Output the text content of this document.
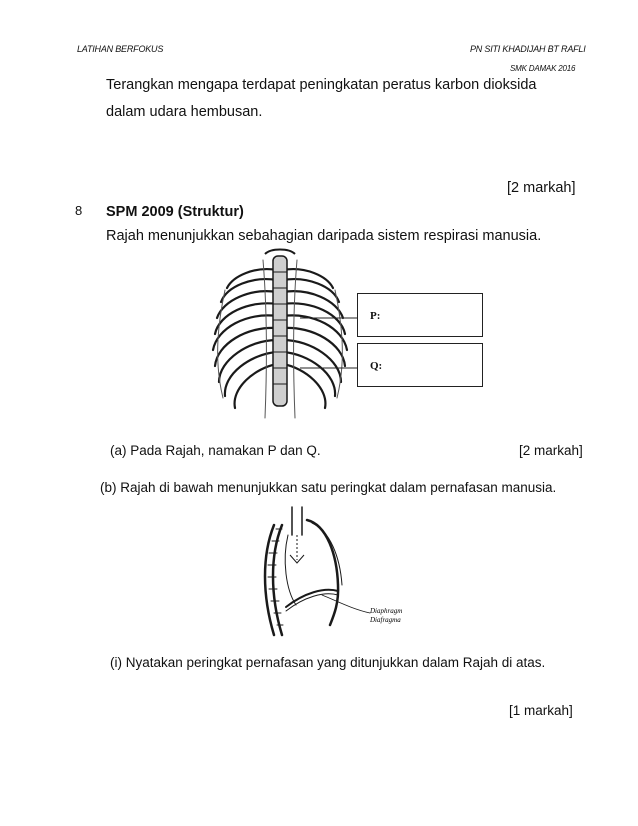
LATIHAN BERFOKUS	PN SITI KHADIJAH BT RAFLI
SMK DAMAK 2016
Terangkan mengapa terdapat peningkatan peratus karbon dioksida
dalam udara hembusan.
[2 markah]
8 SPM 2009 (Struktur)
Rajah menunjukkan sebahagian daripada sistem respirasi manusia.
P:
Q:
(a) Pada Rajah, namakan P dan Q.	[2 markah]
(b) Rajah di bawah menunjukkan satu peringkat dalam pernafasan manusia.
Diaphragm
Diafragma
(i) Nyatakan peringkat pernafasan yang ditunjukkan dalam Rajah di atas.
[1 markah]
